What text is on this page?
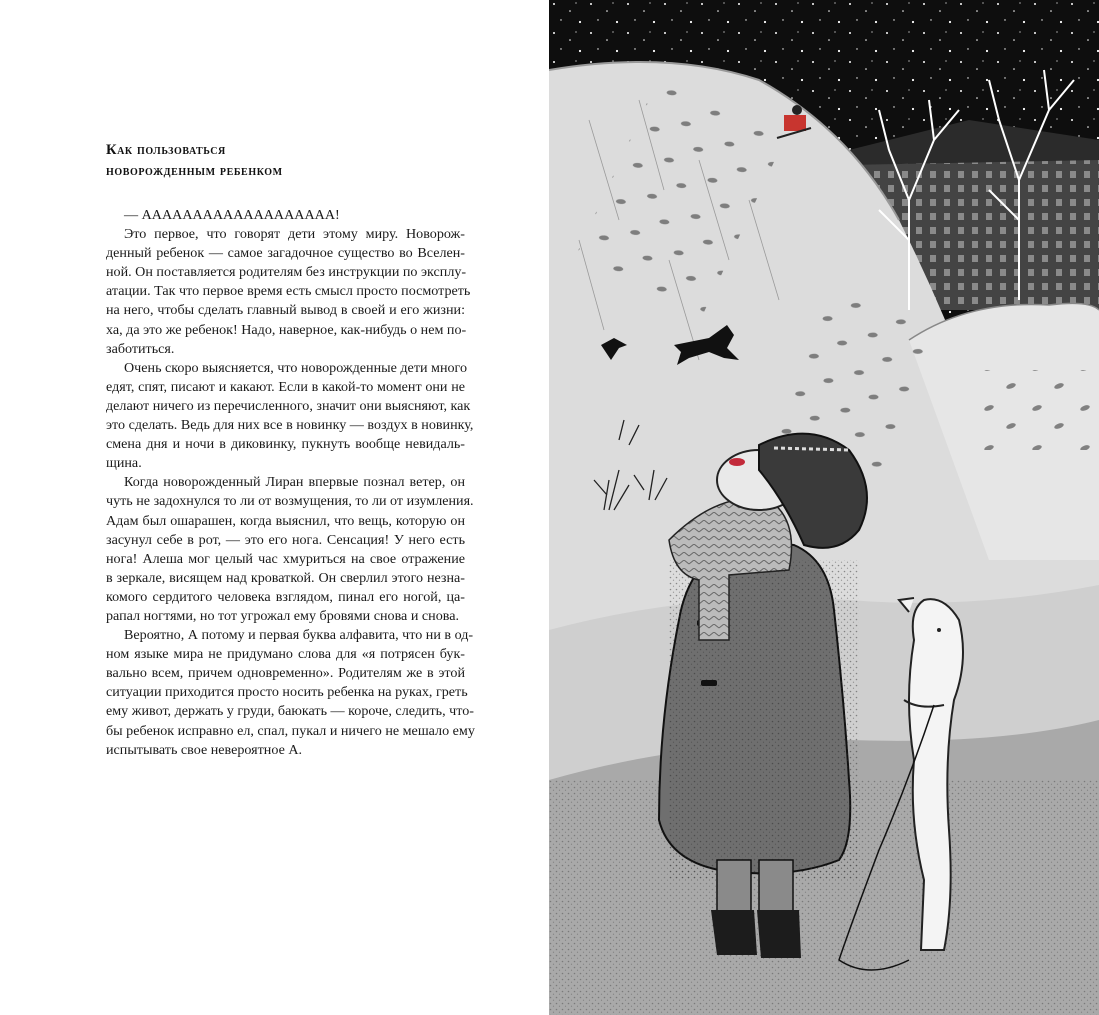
Как пользоваться
новорожденным ребенком
— ААААААААААААААААААА!
Это первое, что говорят дети этому миру. Новорож-
денный ребенок — самое загадочное существо во Вселен-
ной. Он поставляется родителям без инструкции по эксплу-
атации. Так что первое время есть смысл просто посмотреть
на него, чтобы сделать главный вывод в своей и его жизни:
ха, да это же ребенок! Надо, наверное, как-нибудь о нем по-
заботиться.
Очень скоро выясняется, что новорожденные дети много
едят, спят, писают и какают. Если в какой-то момент они не
делают ничего из перечисленного, значит они выясняют, как
это сделать. Ведь для них все в новинку — воздух в новинку,
смена дня и ночи в диковинку, пукнуть вообще невидаль-
щина.
Когда новорожденный Лиран впервые познал ветер, он
чуть не задохнулся то ли от возмущения, то ли от изумления.
Адам был ошарашен, когда выяснил, что вещь, которую он
засунул себе в рот, — это его нога. Сенсация! У него есть
нога! Алеша мог целый час хмуриться на свое отражение
в зеркале, висящем над кроваткой. Он сверлил этого незна-
комого сердитого человека взглядом, пинал его ногой, ца-
рапал ногтями, но тот угрожал ему бровями снова и снова.
Вероятно, А потому и первая буква алфавита, что ни в од-
ном языке мира не придумано слова для «я потрясен бук-
вально всем, причем одновременно». Родителям же в этой
ситуации приходится просто носить ребенка на руках, греть
ему живот, держать у груди, баюкать — короче, следить, что-
бы ребенок исправно ел, спал, пукал и ничего не мешало ему
испытывать свое невероятное А.
